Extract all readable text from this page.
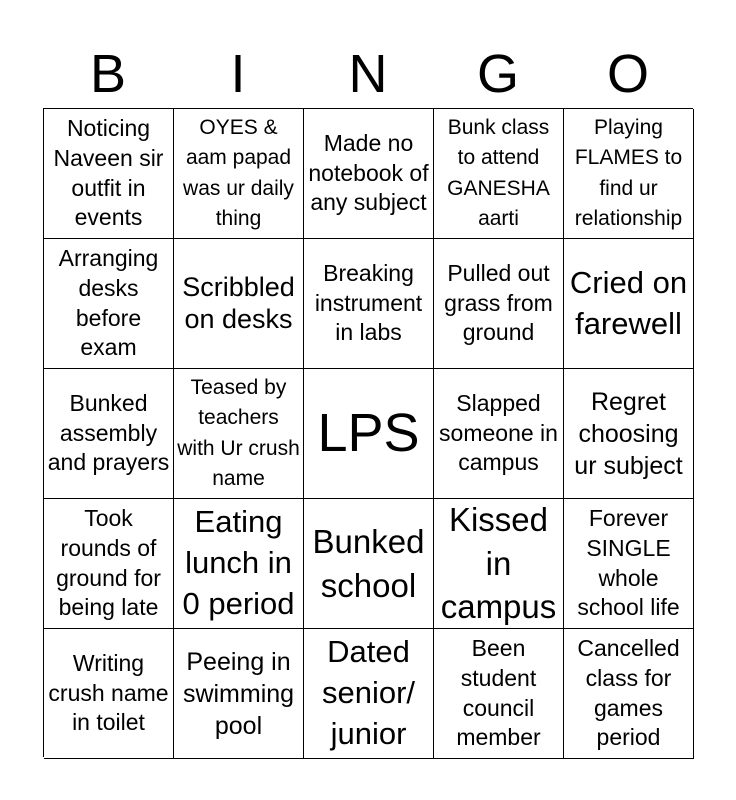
B	I	N	G	O
Noticing Naveen sir outfit in events
OYES & aam papad was ur daily thing
Made no notebook of any subject
Bunk class to attend GANESHA aarti
Playing FLAMES to find ur relationship
Arranging desks before exam
Scribbled on desks
Breaking instrument in labs
Pulled out grass from ground
Cried on farewell
Bunked assembly and prayers
Teased by teachers with Ur crush name
LPS
Slapped someone in campus
Regret choosing ur subject
Took rounds of ground for being late
Eating lunch in 0 period
Bunked school
Kissed in campus
Forever SINGLE whole school life
Writing crush name in toilet
Peeing in swimming pool
Dated senior/ junior
Been student council member
Cancelled class for games period
